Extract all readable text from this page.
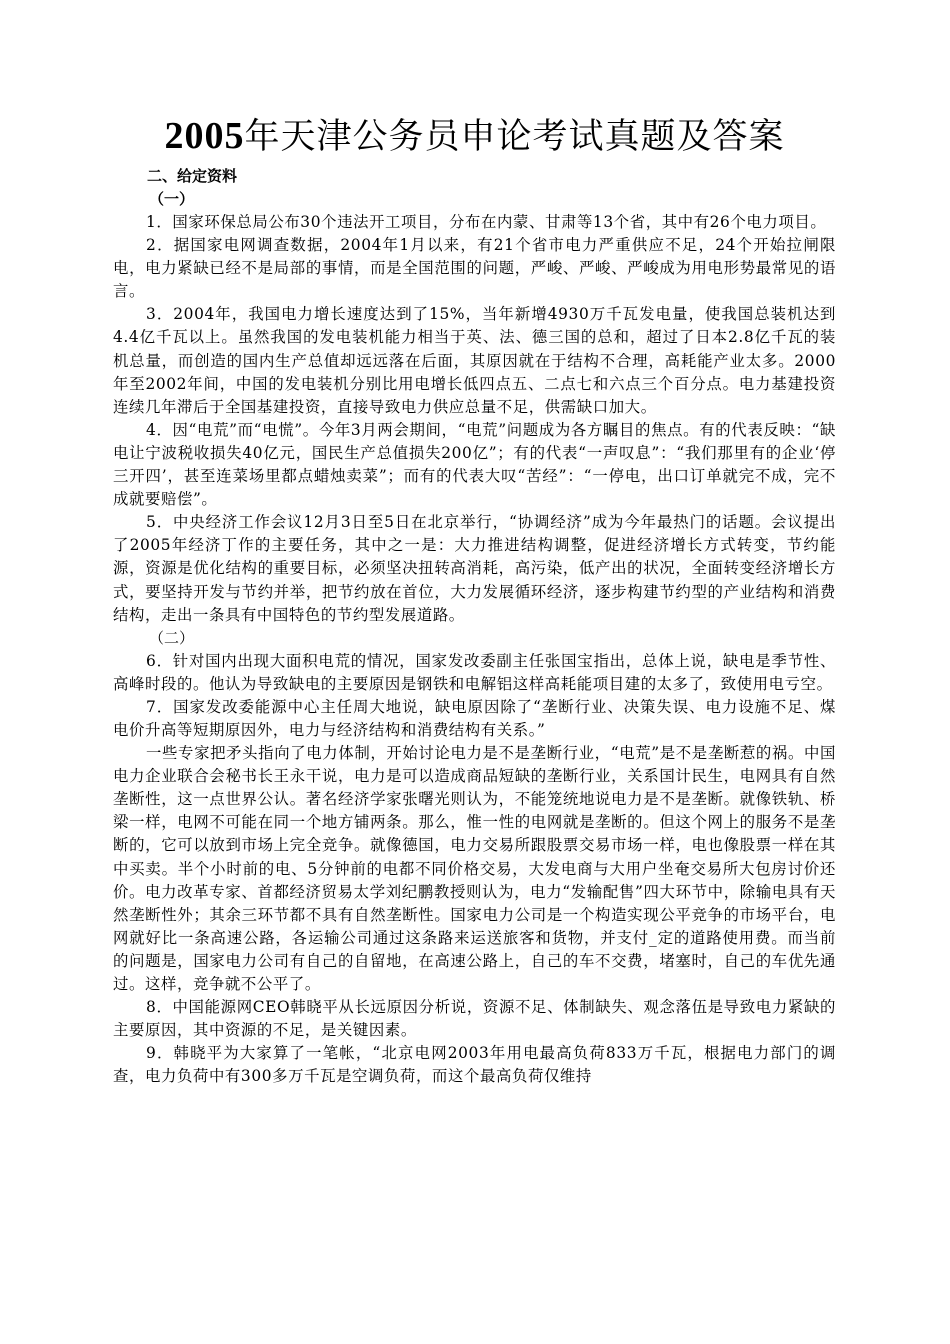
2005年天津公务员申论考试真题及答案
二、给定资料
（一）

1．国家环保总局公布30个违法开工项目，分布在内蒙、甘肃等13个省，其中有26个电力项目。

2．据国家电网调查数据，2004年1月以来，有21个省市电力严重供应不足，24个开始拉闸限电，电力紧缺已经不是局部的事情，而是全国范围的问题，严峻、严峻、严峻成为用电形势最常见的语言。

3．2004年，我国电力增长速度达到了15%，当年新增4930万千瓦发电量，使我国总装机达到4.4亿千瓦以上。虽然我国的发电装机能力相当于英、法、德三国的总和，超过了日本2.8亿千瓦的装机总量，而创造的国内生产总值却远远落在后面，其原因就在于结构不合理，高耗能产业太多。2000年至2002年间，中国的发电装机分别比用电增长低四点五、二点七和六点三个百分点。电力基建投资连续几年滞后于全国基建投资，直接导致电力供应总量不足，供需缺口加大。

4．因“电荒”而“电慌”。今年3月两会期间，“电荒”问题成为各方瞩目的焦点。有的代表反映：“缺电让宁波税收损失40亿元，国民生产总值损失200亿”；有的代表“一声叹息”：“我们那里有的企业‘停三开四’，甚至连菜场里都点蜡烛卖菜”；而有的代表大叹“苦经”：“一停电，出口订单就完不成，完不成就要赔偿”。

5．中央经济工作会议12月3日至5日在北京举行，“协调经济”成为今年最热门的话题。会议提出了2005年经济丁作的主要任务，其中之一是：大力推进结构调整，促进经济增长方式转变，节约能源，资源是优化结构的重要目标，必须坚决扭转高消耗，高污染，低产出的状况，全面转变经济增长方式，要坚持开发与节约并举，把节约放在首位，大力发展循环经济，逐步构建节约型的产业结构和消费结构，走出一条具有中国特色的节约型发展道路。

（二）

6．针对国内出现大面积电荒的情况，国家发改委副主任张国宝指出，总体上说，缺电是季节性、高峰时段的。他认为导致缺电的主要原因是钢铁和电解铝这样高耗能项目建的太多了，致使用电亏空。

7．国家发改委能源中心主任周大地说，缺电原因除了“垄断行业、决策失误、电力设施不足、煤电价升高等短期原因外，电力与经济结构和消费结构有关系。”

一些专家把矛头指向了电力体制，开始讨论电力是不是垄断行业，“电荒”是不是垄断惹的祸。中国电力企业联合会秘书长王永干说，电力是可以造成商品短缺的垄断行业，关系国计民生，电网具有自然垄断性，这一点世界公认。著名经济学家张曙光则认为，不能笼统地说电力是不是垄断。就像铁轨、桥梁一样，电网不可能在同一个地方铺两条。那么，惟一性的电网就是垄断的。但这个网上的服务不是垄断的，它可以放到市场上完全竞争。就像德国，电力交易所跟股票交易市场一样，电也像股票一样在其中买卖。半个小时前的电、5分钟前的电都不同价格交易，大发电商与大用户坐奄交易所大包房讨价还价。电力改革专家、首都经济贸易太学刘纪鹏教授则认为，电力“发输配售”四大环节中，除输电具有天然垄断性外；其余三环节都不具有自然垄断性。国家电力公司是一个构造实现公平竞争的市场平台，电网就好比一条高速公路，各运输公司通过这条路来运送旅客和货物，并支付_定的道路使用费。而当前的问题是，国家电力公司有自己的自留地，在高速公路上，自己的车不交费，堵塞时，自己的车优先通过。这样，竞争就不公平了。

8．中国能源网CEO韩晓平从长远原因分析说，资源不足、体制缺失、观念落伍是导致电力紧缺的主要原因，其中资源的不足，是关键因素。

9．韩晓平为大家算了一笔帐，“北京电网2003年用电最高负荷833万千瓦，根据电力部门的调查，电力负荷中有300多万千瓦是空调负荷，而这个最高负荷仅维持
